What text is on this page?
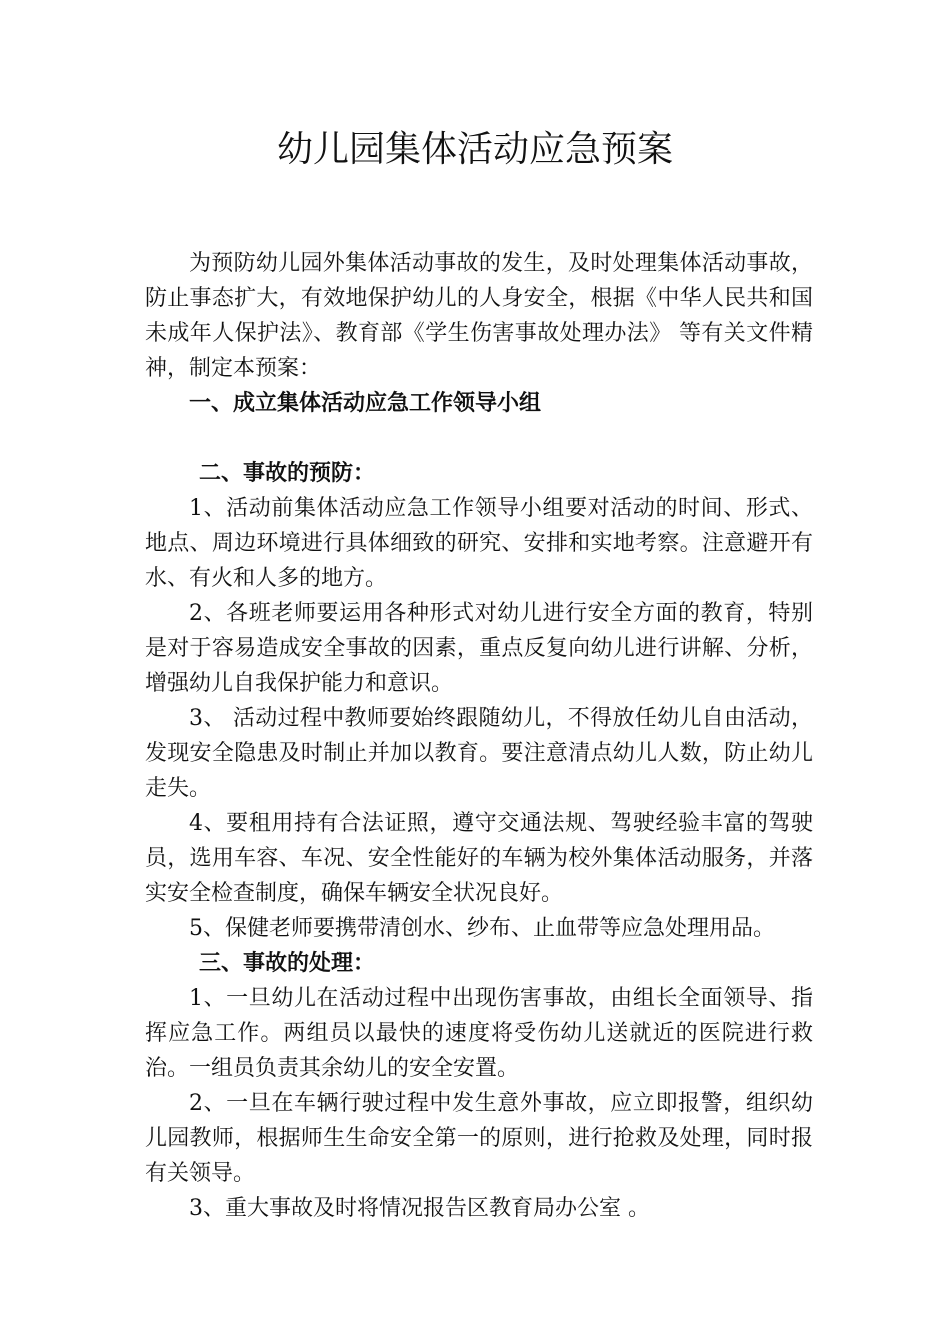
幼儿园集体活动应急预案

为预防幼儿园外集体活动事故的发生，及时处理集体活动事故，防止事态扩大，有效地保护幼儿的人身安全，根据《中华人民共和国未成年人保护法》、教育部《学生伤害事故处理办法》 等有关文件精神，制定本预案：

一、成立集体活动应急工作领导小组

二、事故的预防：

1、活动前集体活动应急工作领导小组要对活动的时间、形式、地点、周边环境进行具体细致的研究、安排和实地考察。注意避开有水、有火和人多的地方。

2、各班老师要运用各种形式对幼儿进行安全方面的教育，特别是对于容易造成安全事故的因素，重点反复向幼儿进行讲解、分析，增强幼儿自我保护能力和意识。

3、 活动过程中教师要始终跟随幼儿，不得放任幼儿自由活动，发现安全隐患及时制止并加以教育。要注意清点幼儿人数，防止幼儿走失。

4、要租用持有合法证照，遵守交通法规、驾驶经验丰富的驾驶员，选用车容、车况、安全性能好的车辆为校外集体活动服务，并落实安全检查制度，确保车辆安全状况良好。

5、保健老师要携带清创水、纱布、止血带等应急处理用品。

三、事故的处理：

1、一旦幼儿在活动过程中出现伤害事故，由组长全面领导、指挥应急工作。两组员以最快的速度将受伤幼儿送就近的医院进行救治。一组员负责其余幼儿的安全安置。

2、一旦在车辆行驶过程中发生意外事故，应立即报警，组织幼儿园教师，根据师生生命安全第一的原则，进行抢救及处理，同时报有关领导。

3、重大事故及时将情况报告区教育局办公室 。
